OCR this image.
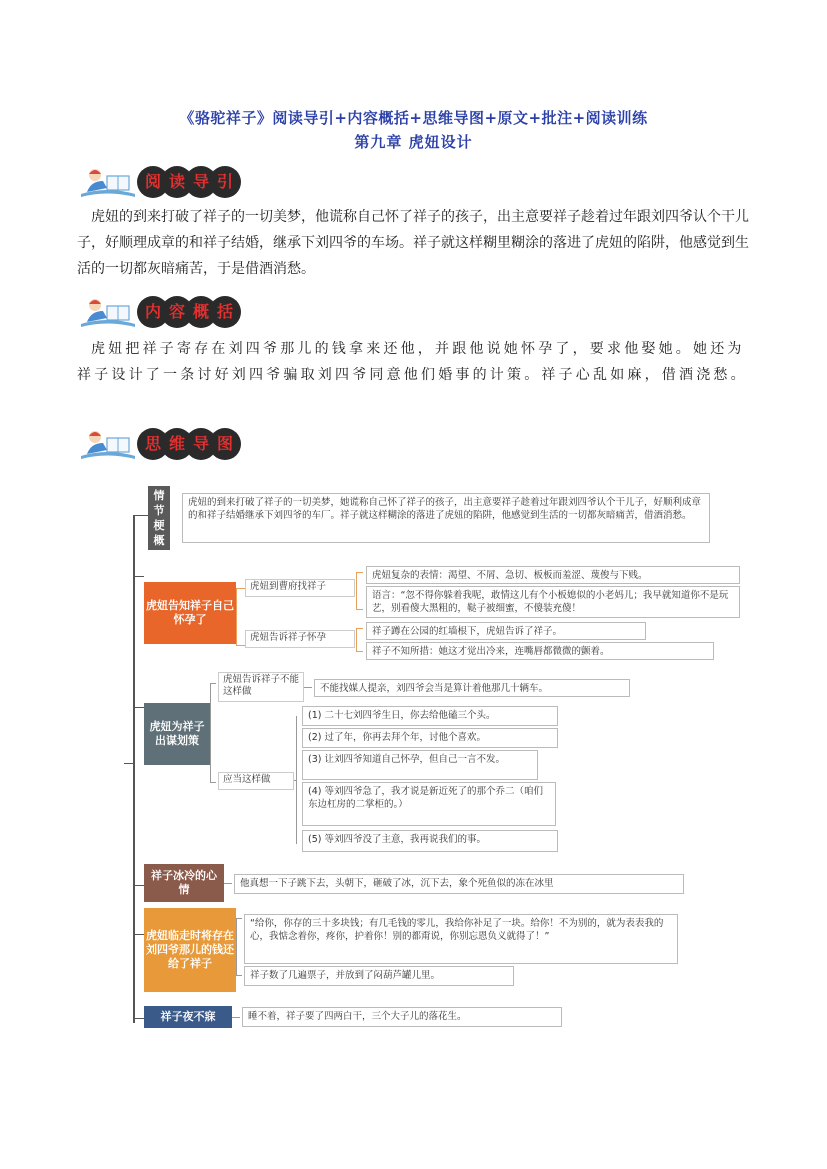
《骆驼祥子》阅读导引+内容概括+思维导图+原文+批注+阅读训练
第九章 虎妞设计
阅 读 导 引

虎妞的到来打破了祥子的一切美梦，他谎称自己怀了祥子的孩子，出主意要祥子趁着过年跟刘四爷认个干儿子，好顺理成章的和祥子结婚，继承下刘四爷的车场。祥子就这样糊里糊涂的落进了虎妞的陷阱，他感觉到生活的一切都灰暗痛苦，于是借酒消愁。

内 容 概 括

虎妞把祥子寄存在刘四爷那儿的钱拿来还他，并跟他说她怀孕了，要求他娶她。她还为祥子设计了一条讨好刘四爷骗取刘四爷同意他们婚事的计策。祥子心乱如麻，借酒浇愁。

思 维 导 图
情节梗概
虎妞的到来打破了祥子的一切美梦，她谎称自己怀了祥子的孩子，出主意要祥子趁着过年跟刘四爷认个干儿子，好顺利成章的和祥子结婚继承下刘四爷的车厂。祥子就这样糊涂的落进了虎妞的陷阱，他感觉到生活的一切都灰暗痛苦，借酒消愁。
虎妞告知祥子自己怀孕了
虎妞到曹府找祥子
虎妞复杂的表情：渴望、不屑、急切、板板而羞涩、蔑俊与下贱。
语言：“忽不得你躲着我呢，敢情这儿有个小板媳似的小老妈儿；我早就知道你不是玩艺，别看傻大黑粗的，鞑子被细蜜，不傻装充傻！
虎妞告诉祥子怀孕
祥子蹲在公园的红墙根下，虎妞告诉了祥子。
祥子不知所措：她这才觉出冷来，连嘴唇都微微的颤着。
虎妞为祥子出谋划策
虎妞告诉祥子不能这样做	不能找媒人提亲，刘四爷会当是算计着他那几十辆车。
应当这样做
(1) 二十七刘四爷生日，你去给他磕三个头。
(2) 过了年，你再去拜个年，讨他个喜欢。
(3) 让刘四爷知道自己怀孕，但自己一言不发。
(4) 等刘四爷急了，我才说是新近死了的那个乔二（咱们东边杠房的二掌柜的。）
(5) 等刘四爷没了主意，我再说我们的事。
祥子冰冷的心情	他真想一下子跳下去，头朝下，砸破了冰，沉下去，象个死鱼似的冻在冰里
虎妞临走时将存在刘四爷那儿的钱还给了祥子
“给你，你存的三十多块钱；有几毛钱的零儿，我给你补足了一块。给你！不为别的，就为表表我的心，我惦念着你，疼你，护着你！别的都甭说，你别忘恩负义就得了！”
祥子数了几遍票子，并放到了闷葫芦罐儿里。
祥子夜不寐	睡不着，祥子要了四两白干，三个大子儿的落花生。
